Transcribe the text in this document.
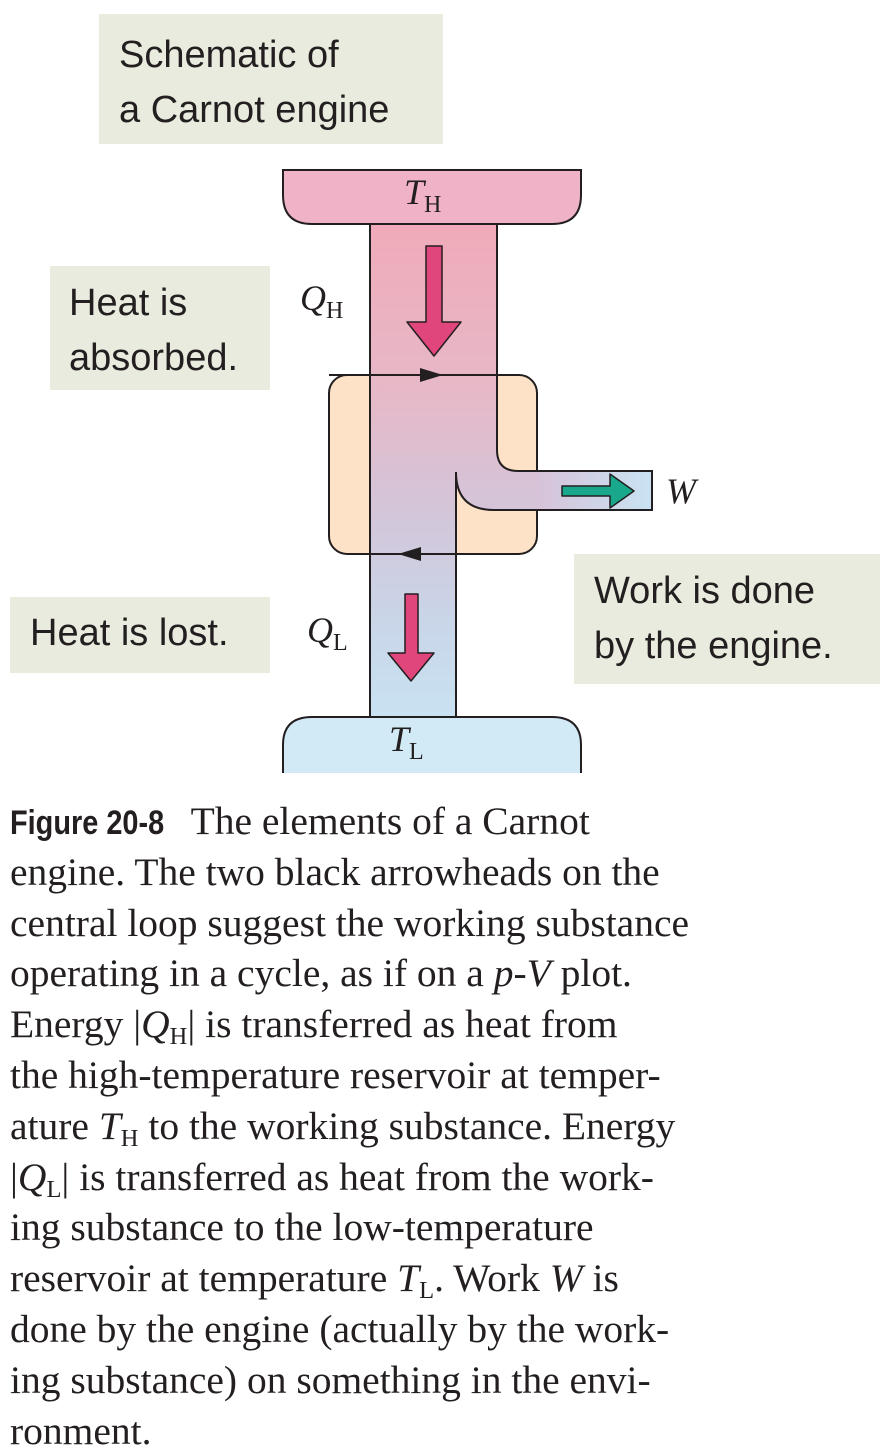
Schematic of
a Carnot engine
Heat is
absorbed.
Heat is lost.
Work is done
by the engine.
$T_H$
$T_L$
$Q_H$
$Q_L$
W
Figure 20-8 The elements of a Carnot
engine. The two black arrowheads on the
central loop suggest the working substance
operating in a cycle, as if on a p-V plot.
Energy $|Q_H|$ is transferred as heat from
the high-temperature reservoir at temper-
ature $T_H$ to the working substance. Energy
$|Q_L|$ is transferred as heat from the work-
ing substance to the low-temperature
reservoir at temperature $T_L$. Work W is
done by the engine (actually by the work-
ing substance) on something in the envi-
ronment.
